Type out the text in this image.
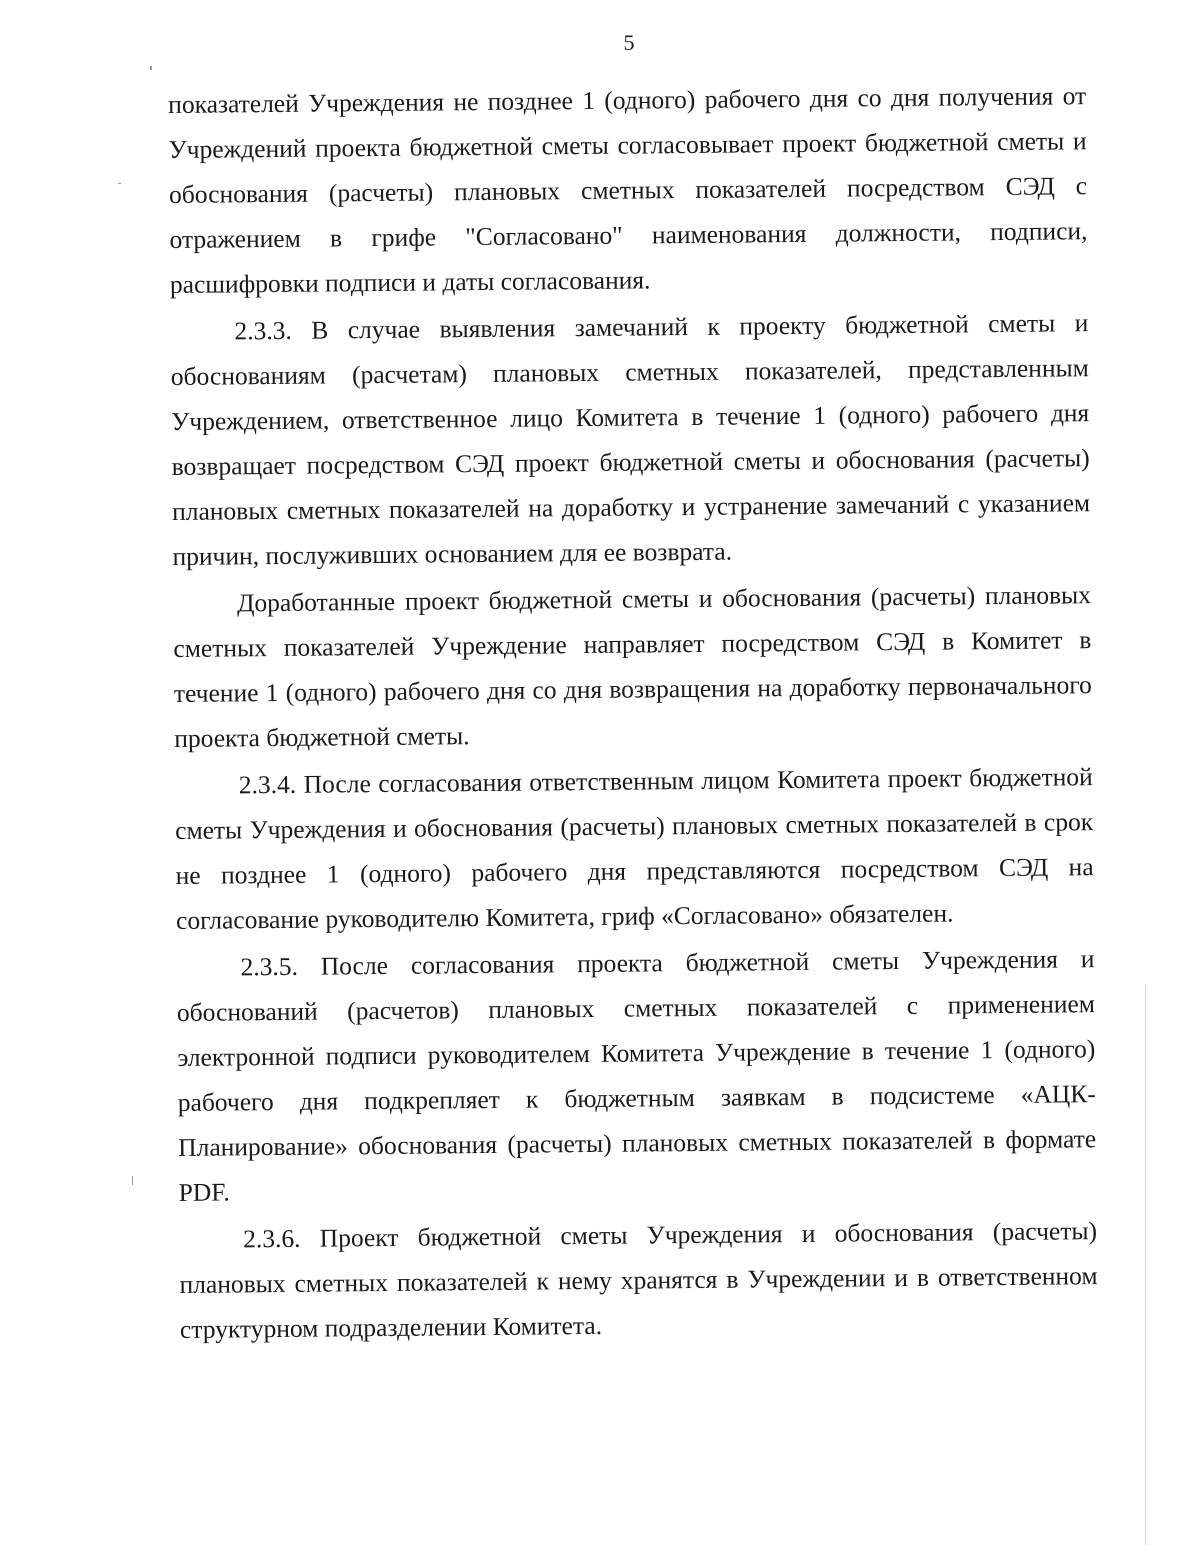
5

показателей Учреждения не позднее 1 (одного) рабочего дня со дня получения от Учреждений проекта бюджетной сметы согласовывает проект бюджетной сметы и обоснования (расчеты) плановых сметных показателей посредством СЭД с отражением в грифе "Согласовано" наименования должности, подписи, расшифровки подписи и даты согласования.

2.3.3. В случае выявления замечаний к проекту бюджетной сметы и обоснованиям (расчетам) плановых сметных показателей, представленным Учреждением, ответственное лицо Комитета в течение 1 (одного) рабочего дня возвращает посредством СЭД проект бюджетной сметы и обоснования (расчеты) плановых сметных показателей на доработку и устранение замечаний с указанием причин, послуживших основанием для ее возврата.

Доработанные проект бюджетной сметы и обоснования (расчеты) плановых сметных показателей Учреждение направляет посредством СЭД в Комитет в течение 1 (одного) рабочего дня со дня возвращения на доработку первоначального проекта бюджетной сметы.

2.3.4. После согласования ответственным лицом Комитета проект бюджетной сметы Учреждения и обоснования (расчеты) плановых сметных показателей в срок не позднее 1 (одного) рабочего дня представляются посредством СЭД на согласование руководителю Комитета, гриф «Согласовано» обязателен.

2.3.5. После согласования проекта бюджетной сметы Учреждения и обоснований (расчетов) плановых сметных показателей с применением электронной подписи руководителем Комитета Учреждение в течение 1 (одного) рабочего дня подкрепляет к бюджетным заявкам в подсистеме «АЦК-Планирование» обоснования (расчеты) плановых сметных показателей в формате PDF.

2.3.6. Проект бюджетной сметы Учреждения и обоснования (расчеты) плановых сметных показателей к нему хранятся в Учреждении и в ответственном структурном подразделении Комитета.
